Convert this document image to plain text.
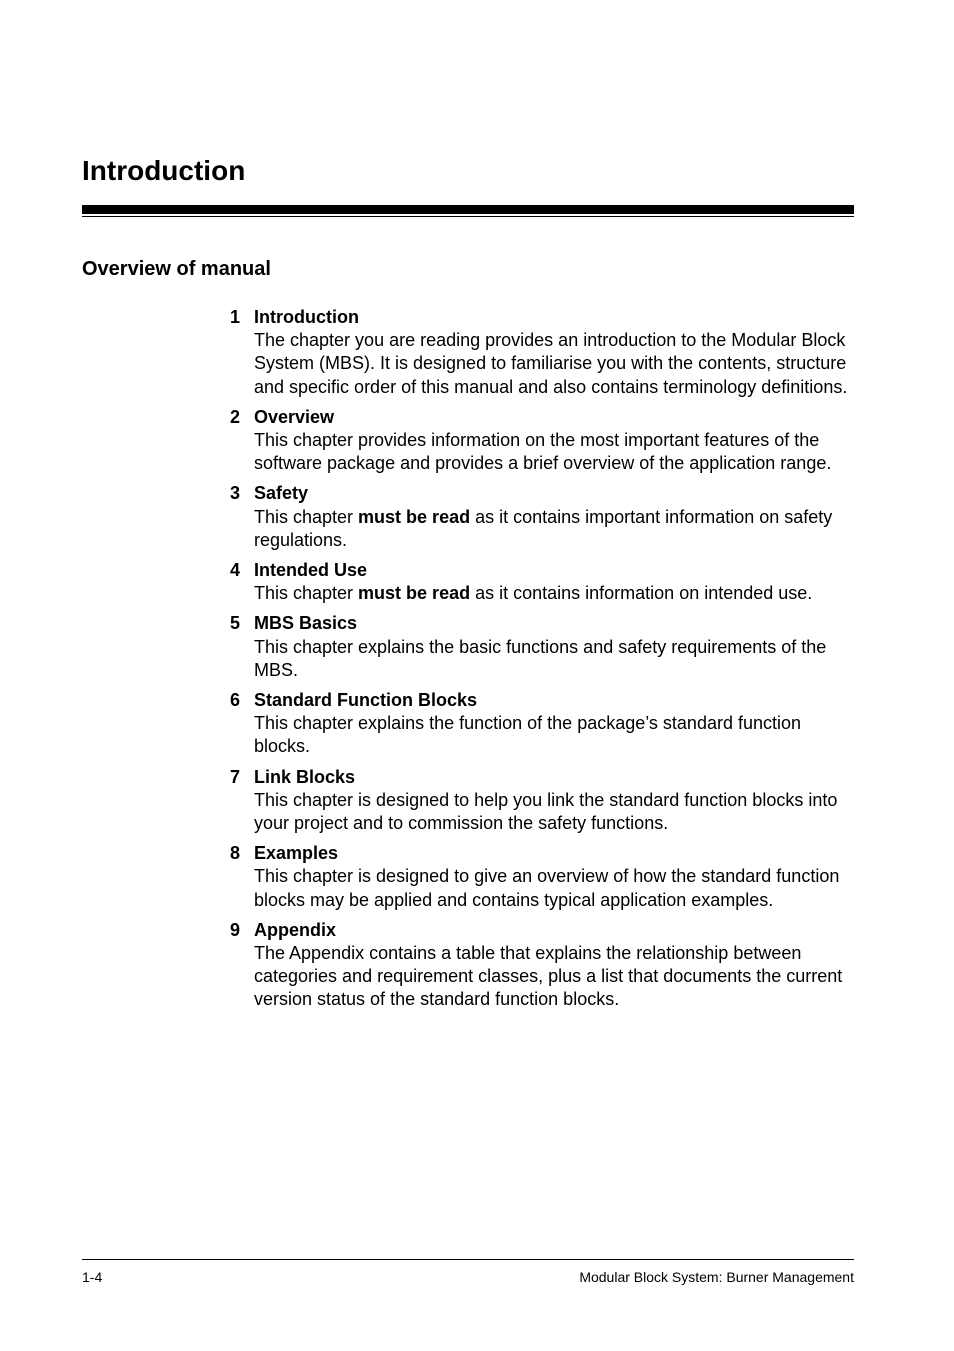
Introduction
Overview of manual
1 Introduction
The chapter you are reading provides an introduction to the Modular Block System (MBS). It is designed to familiarise you with the contents, structure and specific order of this manual and also contains terminology definitions.
2 Overview
This chapter provides information on the most important features of the software package and provides a brief overview of the application range.
3 Safety
This chapter must be read as it contains important information on safety regulations.
4 Intended Use
This chapter must be read as it contains information on intended use.
5 MBS Basics
This chapter explains the basic functions and safety requirements of the MBS.
6 Standard Function Blocks
This chapter explains the function of the package’s standard function blocks.
7 Link Blocks
This chapter is designed to help you link the standard function blocks into your project and to commission the safety functions.
8 Examples
This chapter is designed to give an overview of how the standard function blocks may be applied and contains typical application examples.
9 Appendix
The Appendix contains a table that explains the relationship between categories and requirement classes, plus a list that documents the current version status of the standard function blocks.
1-4	Modular Block System: Burner Management
